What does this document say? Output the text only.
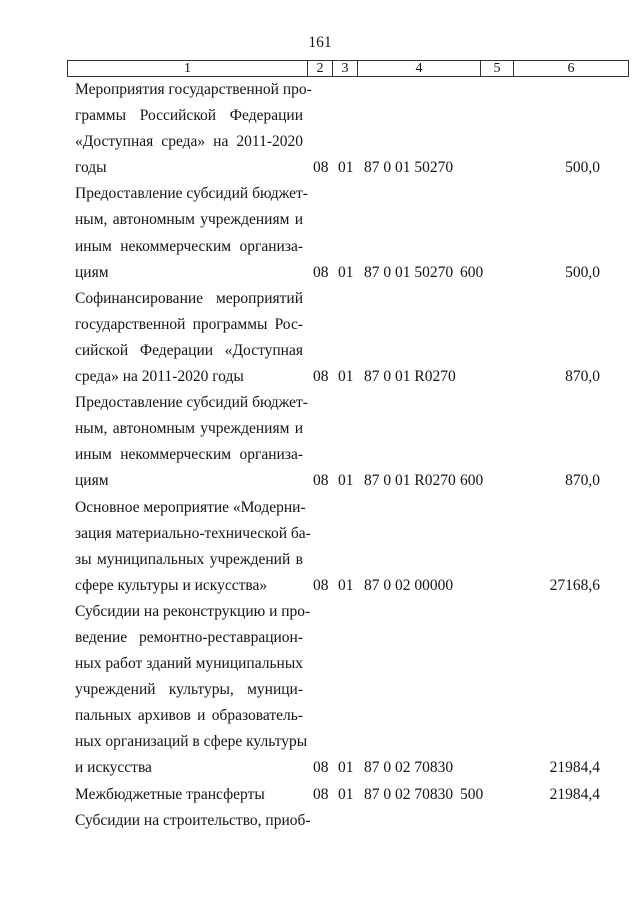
161
1	2	3	4	5	6
Мероприятия государственной про-
граммы Российской Федерации
«Доступная среда» на 2011-2020
годы	08 01 87 0 01 50270	500,0
Предоставление субсидий бюджет-
ным, автономным учреждениям и
иным некоммерческим организа-
циям	08 01 87 0 01 50270 600	500,0
Софинансирование мероприятий
государственной программы Рос-
сийской Федерации «Доступная
среда» на 2011-2020 годы	08 01 87 0 01 R0270	870,0
Предоставление субсидий бюджет-
ным, автономным учреждениям и
иным некоммерческим организа-
циям	08 01 87 0 01 R0270 600	870,0
Основное мероприятие «Модерни-
зация материально-технической ба-
зы муниципальных учреждений в
сфере культуры и искусства»	08 01 87 0 02 00000	27168,6
Субсидии на реконструкцию и про-
ведение ремонтно-реставрацион-
ных работ зданий муниципальных
учреждений культуры, муници-
пальных архивов и образователь-
ных организаций в сфере культуры
и искусства	08 01 87 0 02 70830	21984,4
Межбюджетные трансферты	08 01 87 0 02 70830 500	21984,4
Субсидии на строительство, приоб-
